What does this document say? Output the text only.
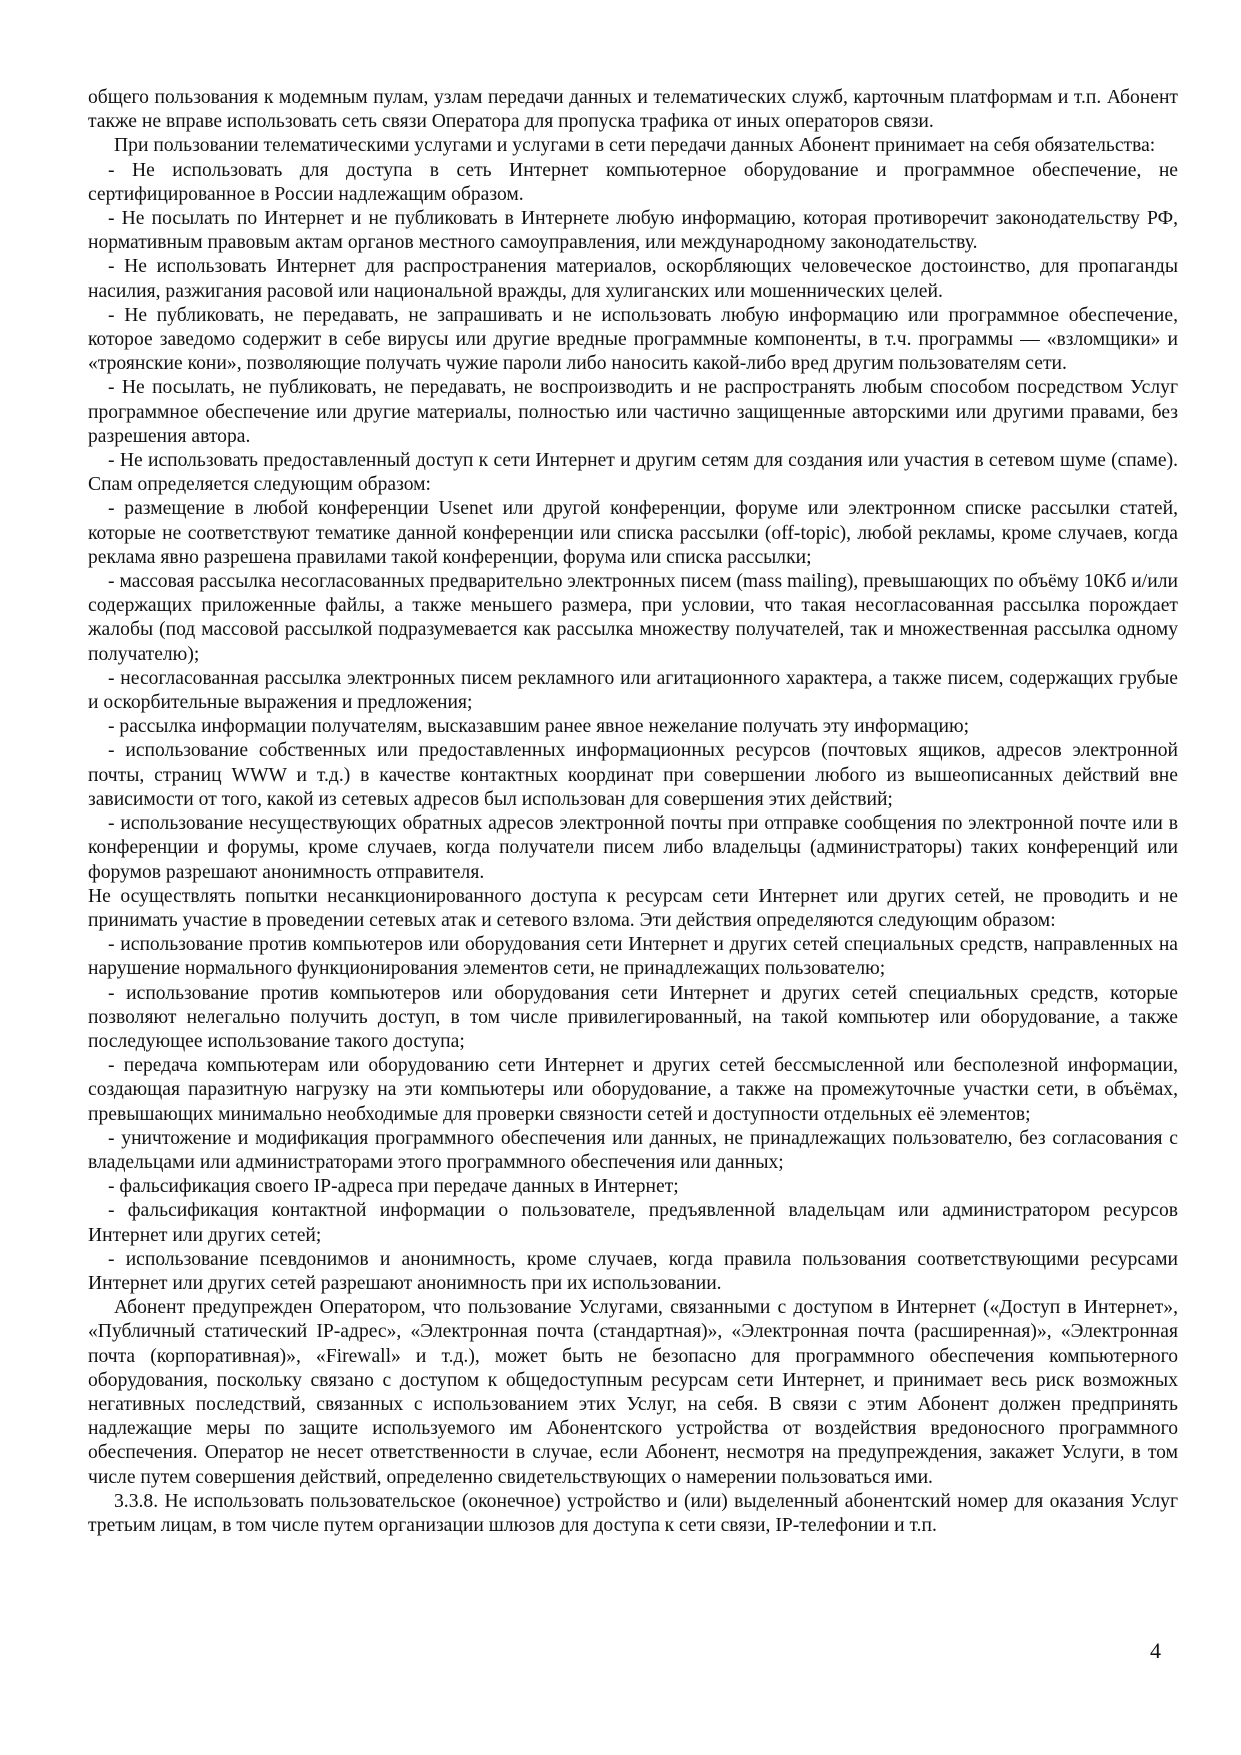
общего пользования к модемным пулам, узлам передачи данных и телематических служб, карточным платформам и т.п. Абонент также не вправе использовать сеть связи Оператора для пропуска трафика от иных операторов связи.

При пользовании телематическими услугами и услугами в сети передачи данных Абонент принимает на себя обязательства:

- Не использовать для доступа в сеть Интернет компьютерное оборудование и программное обеспечение, не сертифицированное в России надлежащим образом.

- Не посылать по Интернет и не публиковать в Интернете любую информацию, которая противоречит законодательству РФ, нормативным правовым актам органов местного самоуправления, или международному законодательству.

- Не использовать Интернет для распространения материалов, оскорбляющих человеческое достоинство, для пропаганды насилия, разжигания расовой или национальной вражды, для хулиганских или мошеннических целей.

- Не публиковать, не передавать, не запрашивать и не использовать любую информацию или программное обеспечение, которое заведомо содержит в себе вирусы или другие вредные программные компоненты, в т.ч. программы — «взломщики» и «троянские кони», позволяющие получать чужие пароли либо наносить какой-либо вред другим пользователям сети.

- Не посылать, не публиковать, не передавать, не воспроизводить и не распространять любым способом посредством Услуг программное обеспечение или другие материалы, полностью или частично защищенные авторскими или другими правами, без разрешения автора.

- Не использовать предоставленный доступ к сети Интернет и другим сетям для создания или участия в сетевом шуме (спаме). Спам определяется следующим образом:

- размещение в любой конференции Usenet или другой конференции, форуме или электронном списке рассылки статей, которые не соответствуют тематике данной конференции или списка рассылки (off-topic), любой рекламы, кроме случаев, когда реклама явно разрешена правилами такой конференции, форума или списка рассылки;

- массовая рассылка несогласованных предварительно электронных писем (mass mailing), превышающих по объёму 10Кб и/или содержащих приложенные файлы, а также меньшего размера, при условии, что такая несогласованная рассылка порождает жалобы (под массовой рассылкой подразумевается как рассылка множеству получателей, так и множественная рассылка одному получателю);

- несогласованная рассылка электронных писем рекламного или агитационного характера, а также писем, содержащих грубые и оскорбительные выражения и предложения;

- рассылка информации получателям, высказавшим ранее явное нежелание получать эту информацию;

- использование собственных или предоставленных информационных ресурсов (почтовых ящиков, адресов электронной почты, страниц WWW и т.д.) в качестве контактных координат при совершении любого из вышеописанных действий вне зависимости от того, какой из сетевых адресов был использован для совершения этих действий;

- использование несуществующих обратных адресов электронной почты при отправке сообщения по электронной почте или в конференции и форумы, кроме случаев, когда получатели писем либо владельцы (администраторы) таких конференций или форумов разрешают анонимность отправителя.

Не осуществлять попытки несанкционированного доступа к ресурсам сети Интернет или других сетей, не проводить и не принимать участие в проведении сетевых атак и сетевого взлома. Эти действия определяются следующим образом:

- использование против компьютеров или оборудования сети Интернет и других сетей специальных средств, направленных на нарушение нормального функционирования элементов сети, не принадлежащих пользователю;

- использование против компьютеров или оборудования сети Интернет и других сетей специальных средств, которые позволяют нелегально получить доступ, в том числе привилегированный, на такой компьютер или оборудование, а также последующее использование такого доступа;

- передача компьютерам или оборудованию сети Интернет и других сетей бессмысленной или бесполезной информации, создающая паразитную нагрузку на эти компьютеры или оборудование, а также на промежуточные участки сети, в объёмах, превышающих минимально необходимые для проверки связности сетей и доступности отдельных её элементов;

- уничтожение и модификация программного обеспечения или данных, не принадлежащих пользователю, без согласования с владельцами или администраторами этого программного обеспечения или данных;

- фальсификация своего IP-адреса при передаче данных в Интернет;

- фальсификация контактной информации о пользователе, предъявленной владельцам или администратором ресурсов Интернет или других сетей;

- использование псевдонимов и анонимность, кроме случаев, когда правила пользования соответствующими ресурсами Интернет или других сетей разрешают анонимность при их использовании.

Абонент предупрежден Оператором, что пользование Услугами, связанными с доступом в Интернет («Доступ в Интернет», «Публичный статический IP-адрес», «Электронная почта (стандартная)», «Электронная почта (расширенная)», «Электронная почта (корпоративная)», «Firewall» и т.д.), может быть не безопасно для программного обеспечения компьютерного оборудования, поскольку связано с доступом к общедоступным ресурсам сети Интернет, и принимает весь риск возможных негативных последствий, связанных с использованием этих Услуг, на себя. В связи с этим Абонент должен предпринять надлежащие меры по защите используемого им Абонентского устройства от воздействия вредоносного программного обеспечения. Оператор не несет ответственности в случае, если Абонент, несмотря на предупреждения, закажет Услуги, в том числе путем совершения действий, определенно свидетельствующих о намерении пользоваться ими.

3.3.8. Не использовать пользовательское (оконечное) устройство и (или) выделенный абонентский номер для оказания Услуг третьим лицам, в том числе путем организации шлюзов для доступа к сети связи, IP-телефонии и т.п.

4
